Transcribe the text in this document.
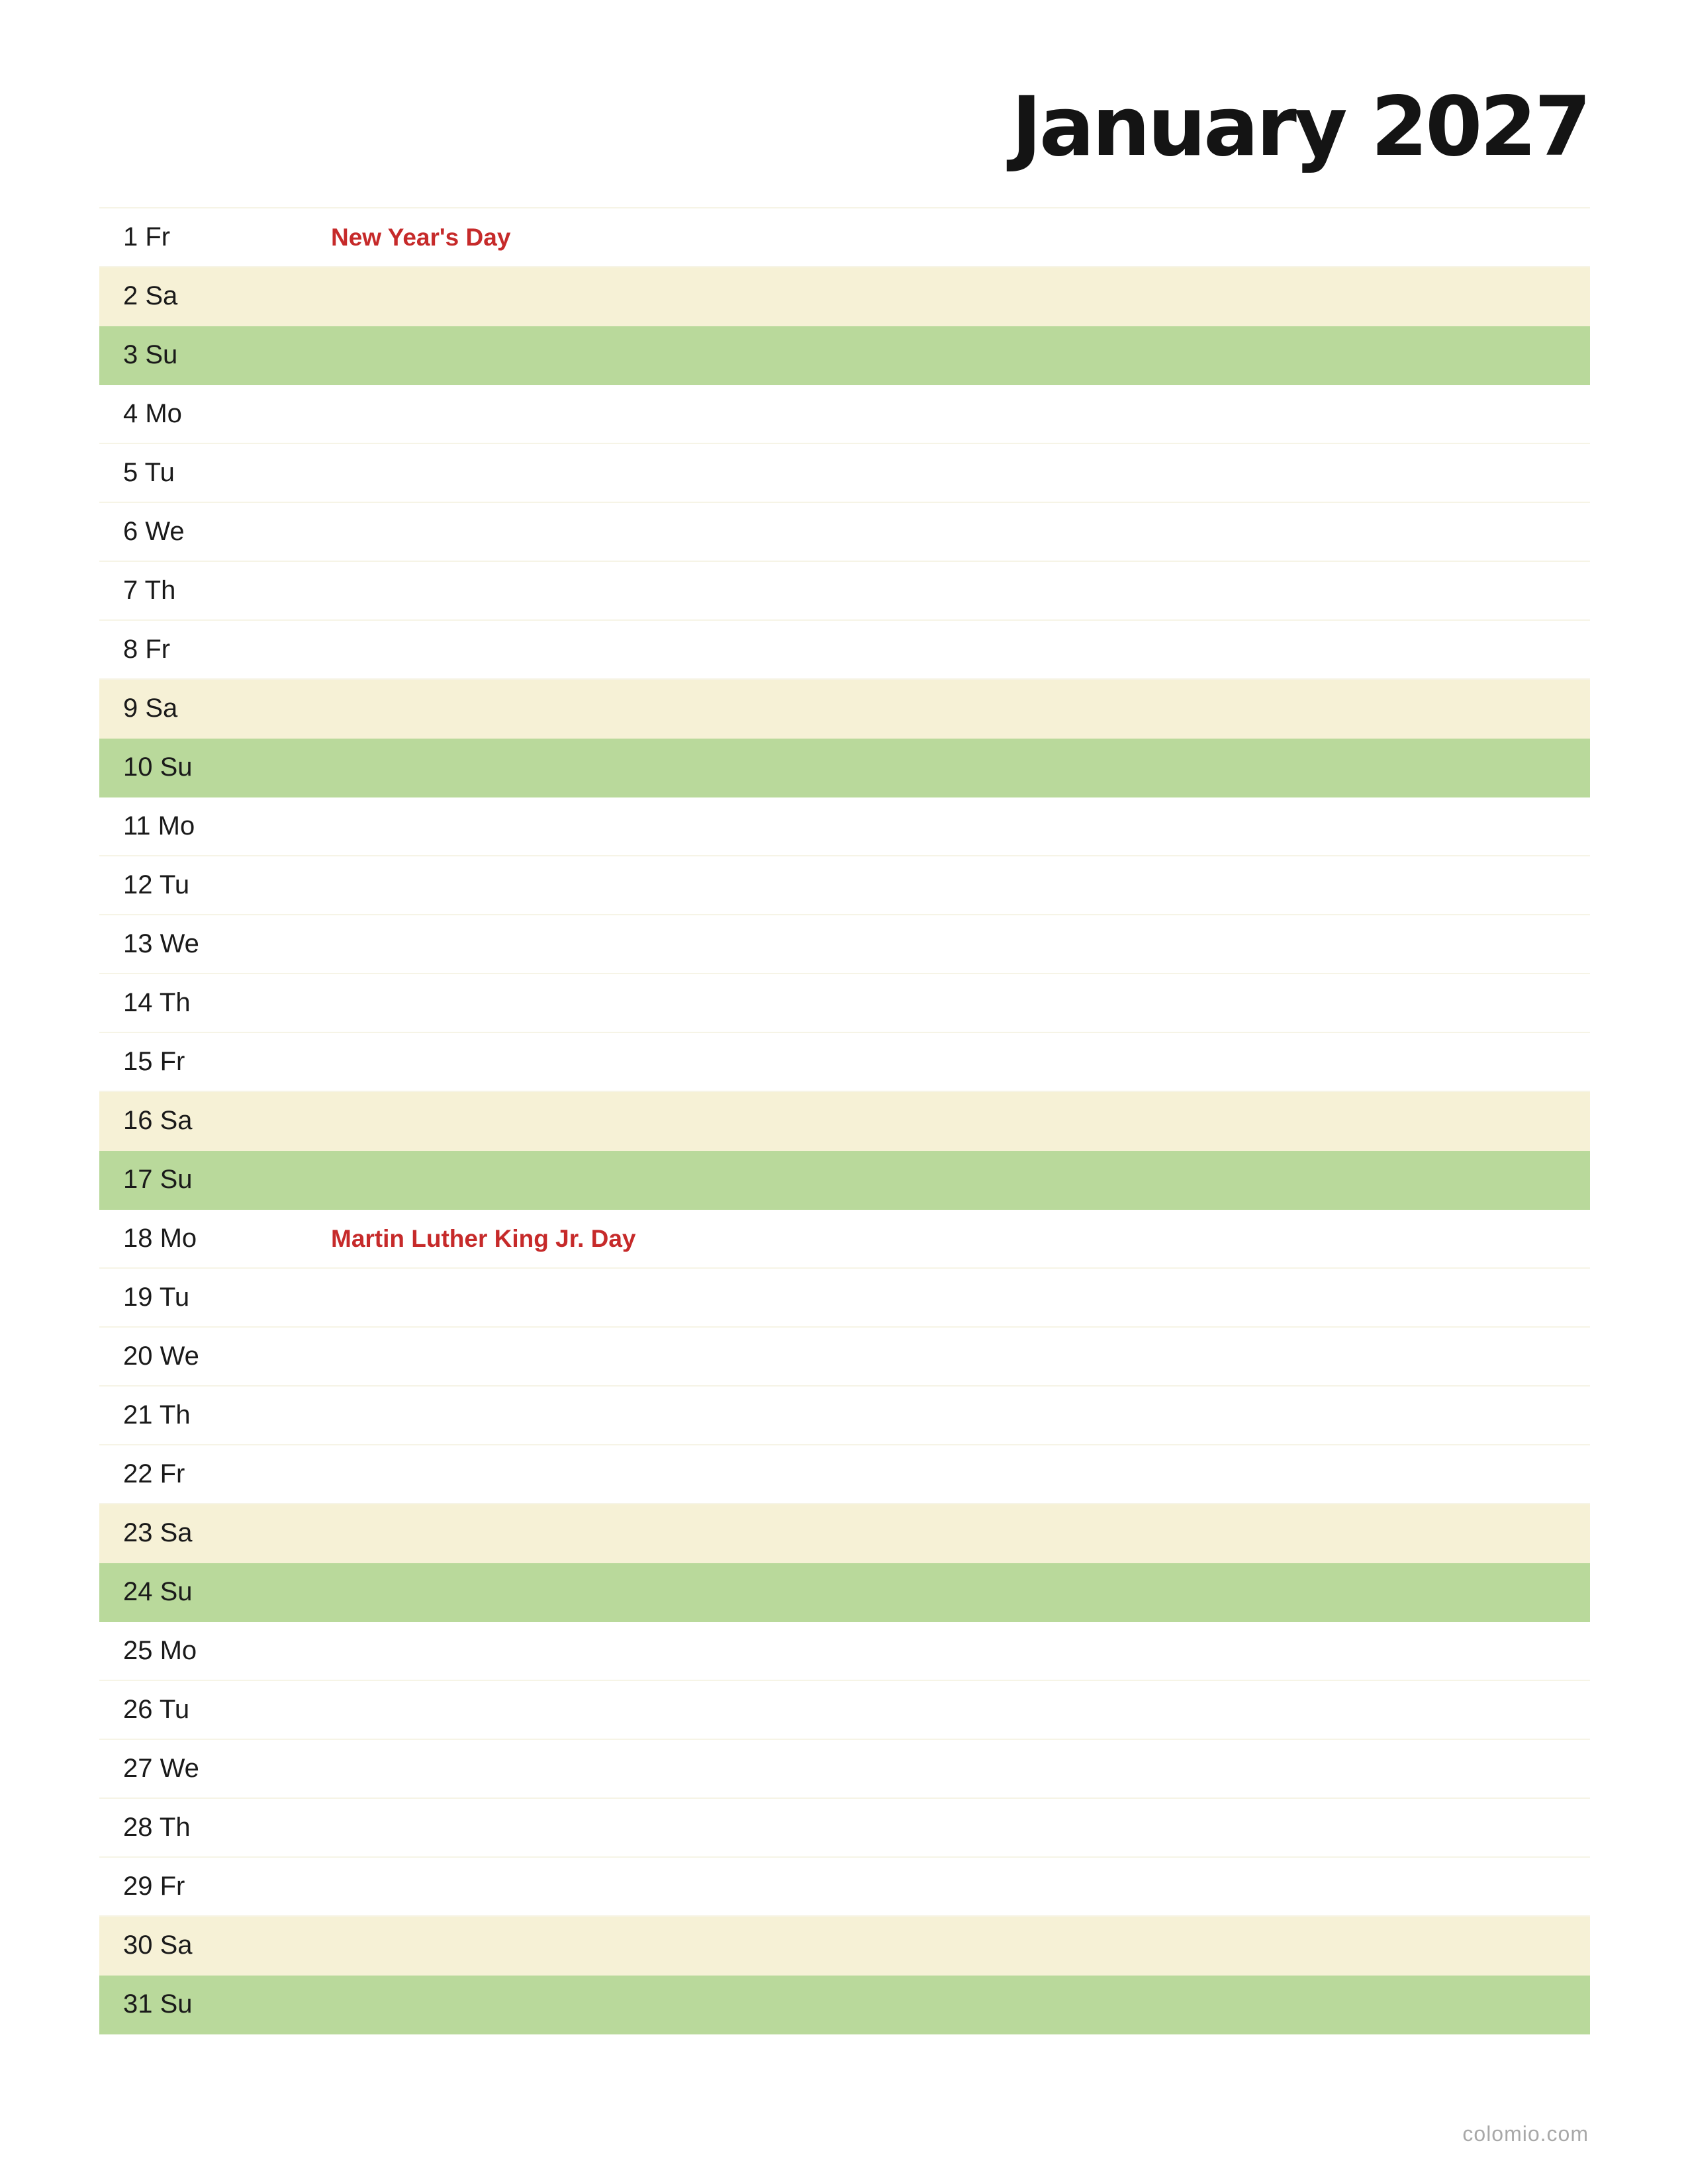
January 2027
1 Fr	New Year's Day
2 Sa
3 Su
4 Mo
5 Tu
6 We
7 Th
8 Fr
9 Sa
10 Su
11 Mo
12 Tu
13 We
14 Th
15 Fr
16 Sa
17 Su
18 Mo	Martin Luther King Jr. Day
19 Tu
20 We
21 Th
22 Fr
23 Sa
24 Su
25 Mo
26 Tu
27 We
28 Th
29 Fr
30 Sa
31 Su
colomio.com
